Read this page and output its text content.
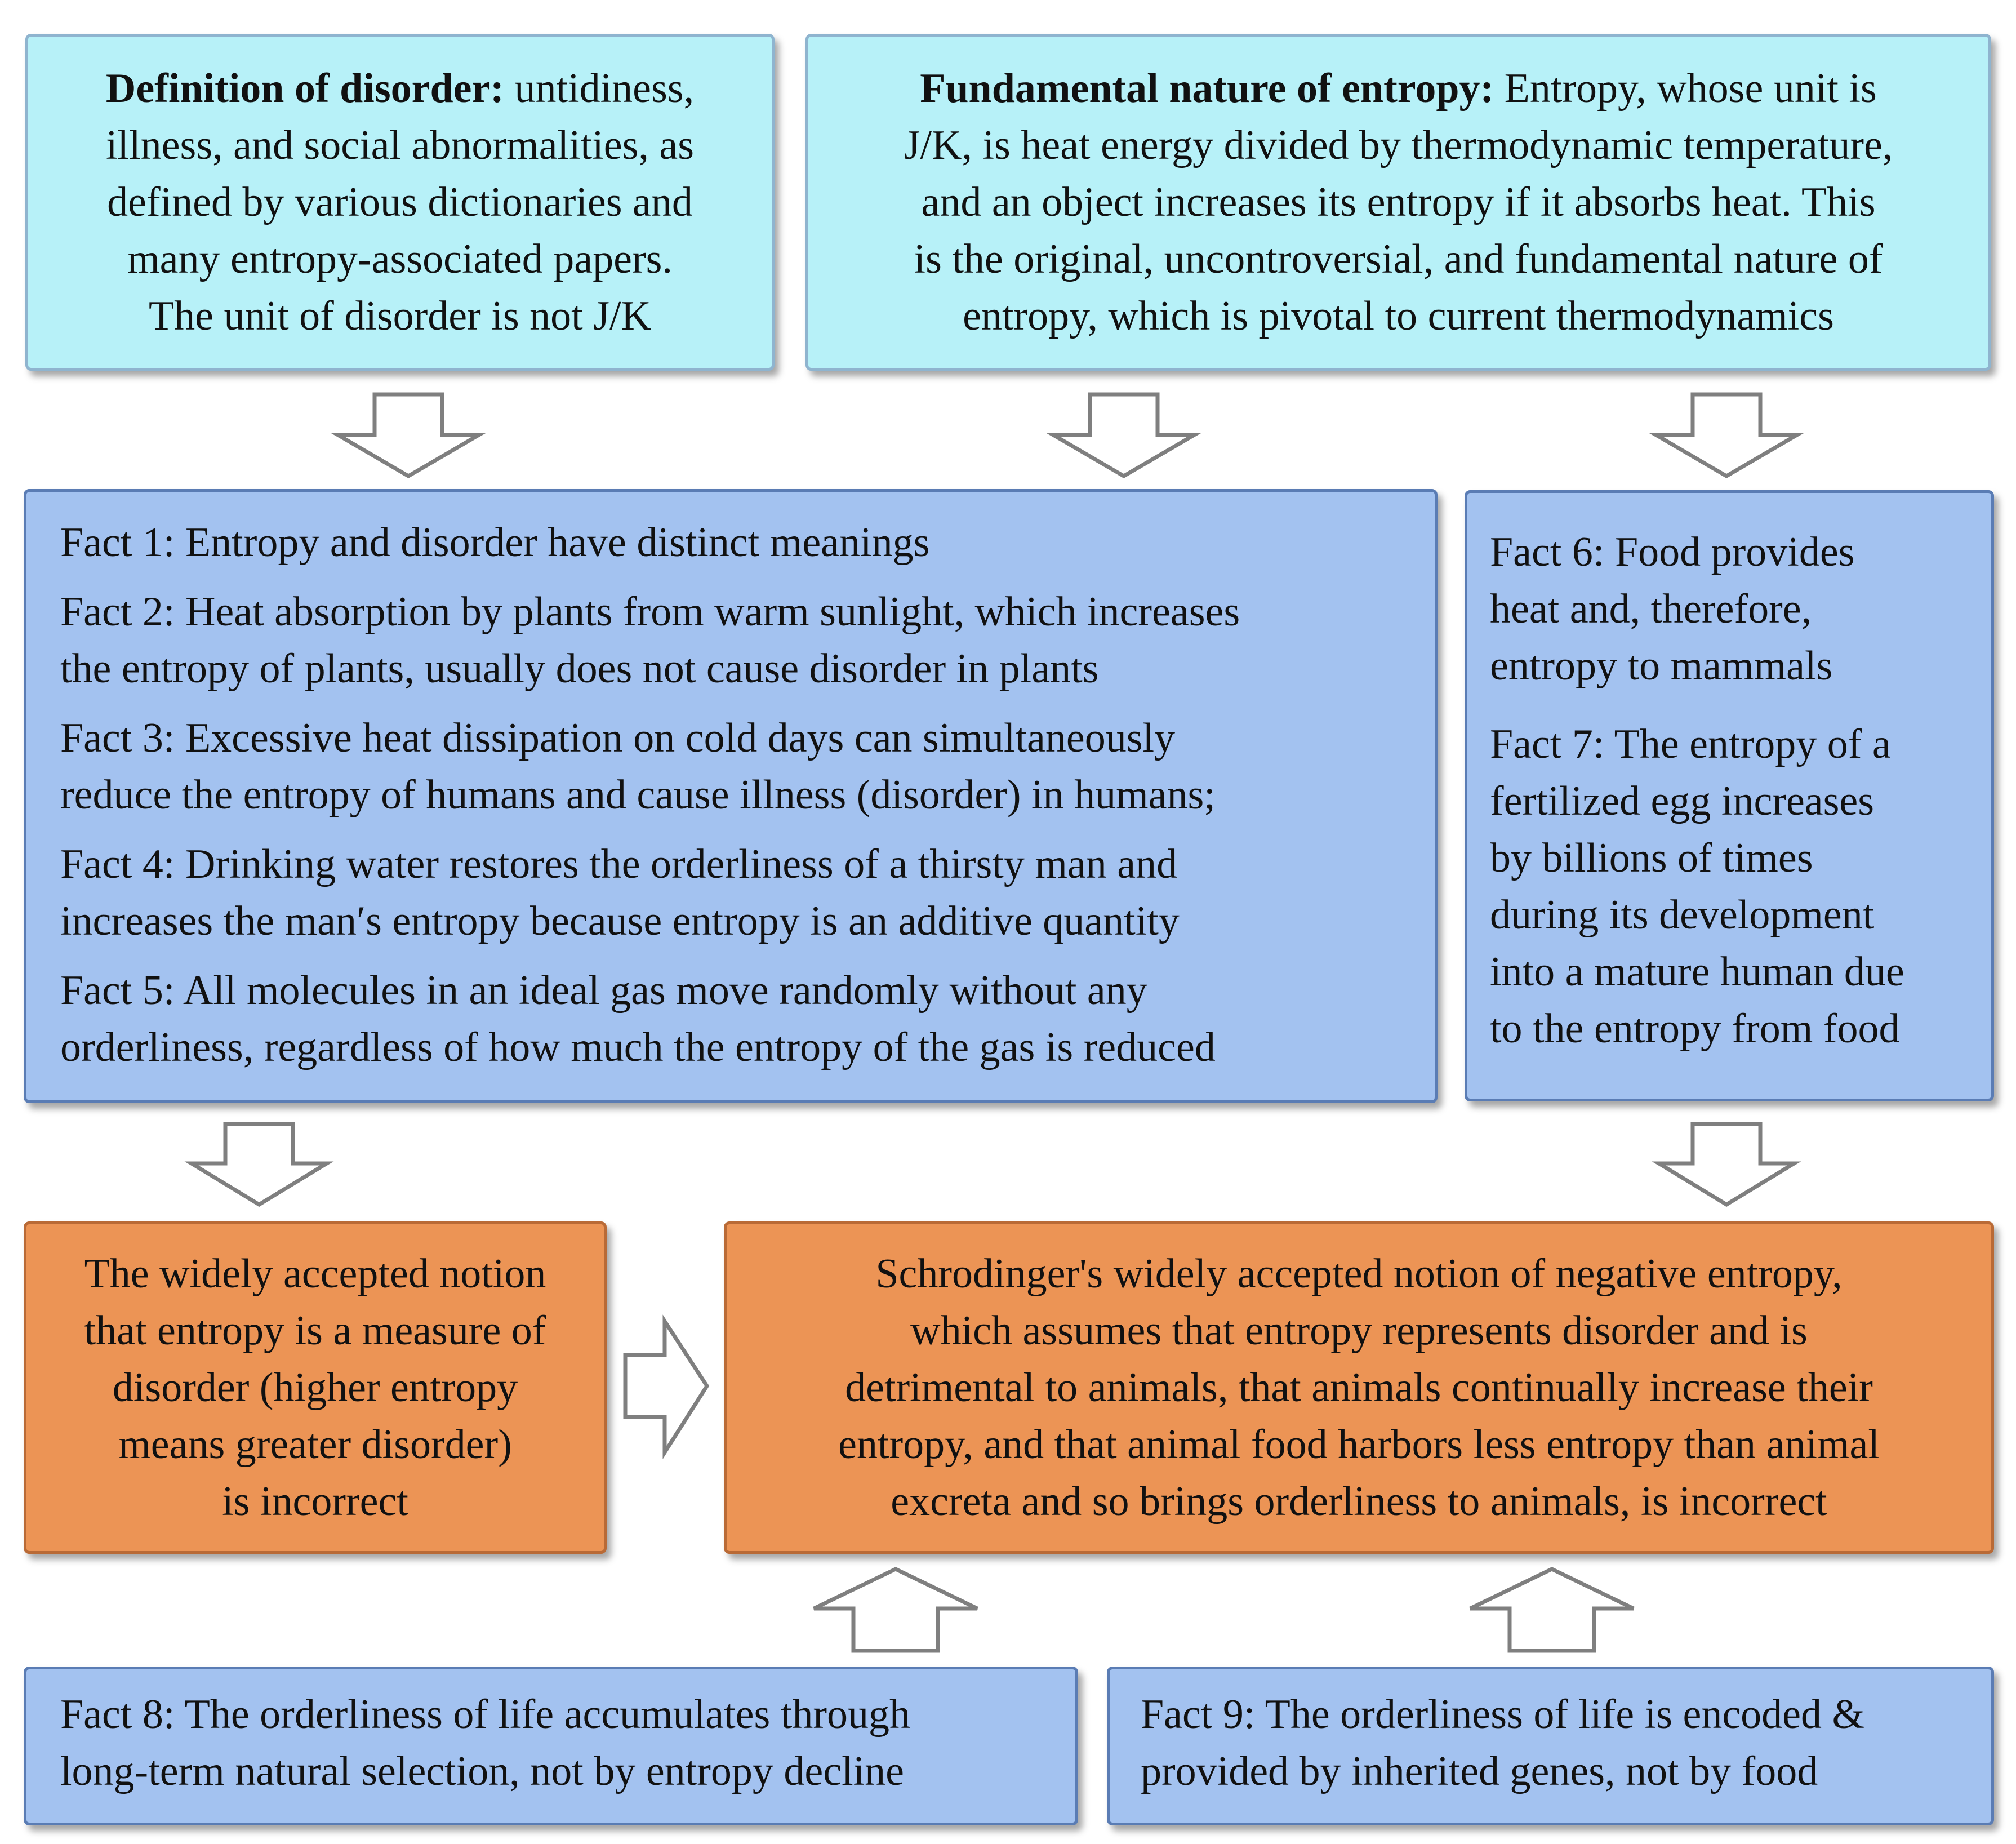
Definition of disorder: untidiness,

illness, and social abnormalities, as

defined by various dictionaries and

many entropy-associated papers.

The unit of disorder is not J/K

Fundamental nature of entropy: Entropy, whose unit is

J/K, is heat energy divided by thermodynamic temperature,

and an object increases its entropy if it absorbs heat. This

is the original, uncontroversial, and fundamental nature of

entropy, which is pivotal to current thermodynamics

Fact 1: Entropy and disorder have distinct meanings

Fact 2: Heat absorption by plants from warm sunlight, which increases

the entropy of plants, usually does not cause disorder in plants

Fact 3: Excessive heat dissipation on cold days can simultaneously

reduce the entropy of humans and cause illness (disorder) in humans;

Fact 4: Drinking water restores the orderliness of a thirsty man and

increases the man′s entropy because entropy is an additive quantity

Fact 5: All molecules in an ideal gas move randomly without any

orderliness, regardless of how much the entropy of the gas is reduced

Fact 6: Food provides

heat and, therefore,

entropy to mammals

Fact 7: The entropy of a

fertilized egg increases

by billions of times

during its development

into a mature human due

to the entropy from food

The widely accepted notion

that entropy is a measure of

disorder (higher entropy

means greater disorder)

is incorrect

Schrodinger's widely accepted notion of negative entropy,

which assumes that entropy represents disorder and is

detrimental to animals, that animals continually increase their

entropy, and that animal food harbors less entropy than animal

excreta and so brings orderliness to animals, is incorrect

Fact 8: The orderliness of life accumulates through

long-term natural selection, not by entropy decline

Fact 9: The orderliness of life is encoded &

provided by inherited genes, not by food
